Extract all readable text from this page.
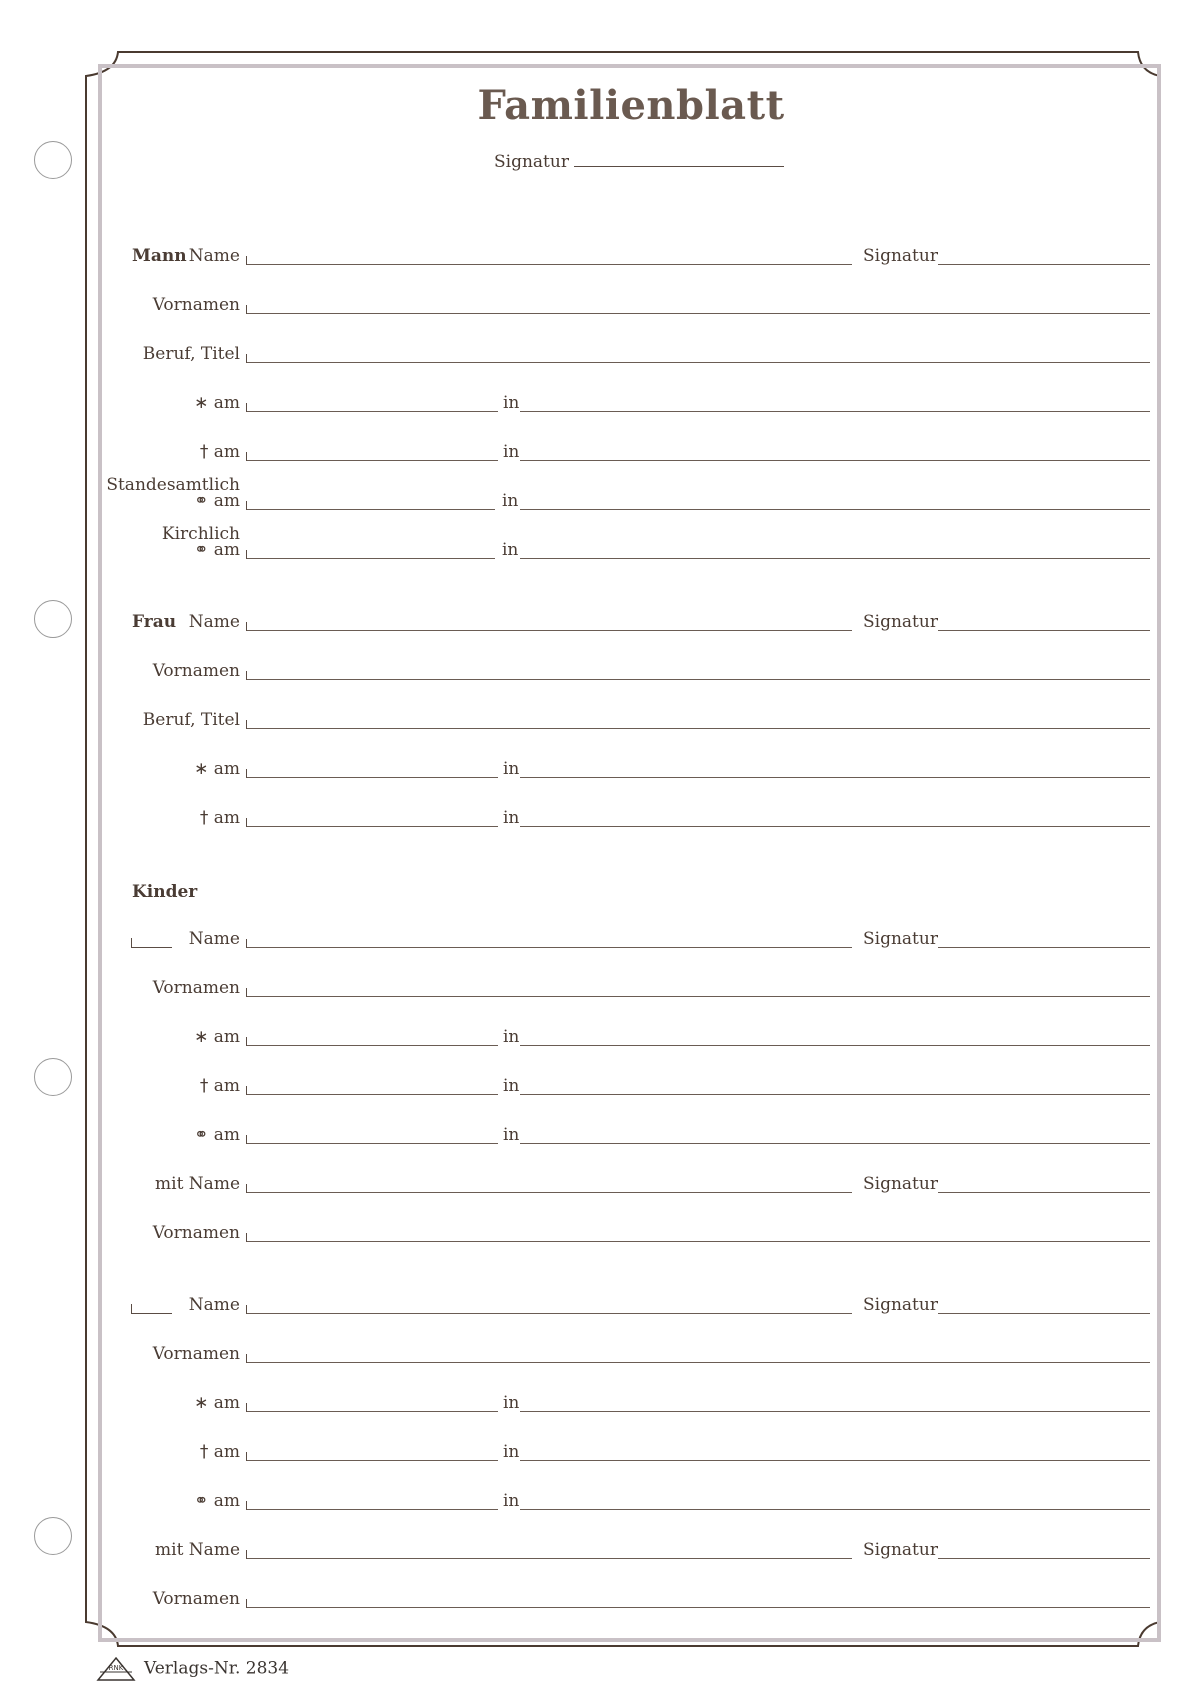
Familienblatt
Signatur
Mann Name	Signatur
Vornamen
Beruf, Titel
∗ am	in
† am	in
Standesamtlich
⚭ am	in
Kirchlich
⚭ am	in
Frau Name	Signatur
Vornamen
Beruf, Titel
∗ am	in
† am	in
Kinder
Name	Signatur
Vornamen
∗ am	in
† am	in
⚭ am	in
mit Name	Signatur
Vornamen
Name	Signatur
Vornamen
∗ am	in
† am	in
⚭ am	in
mit Name	Signatur
Vornamen
RNK Verlags-Nr. 2834
